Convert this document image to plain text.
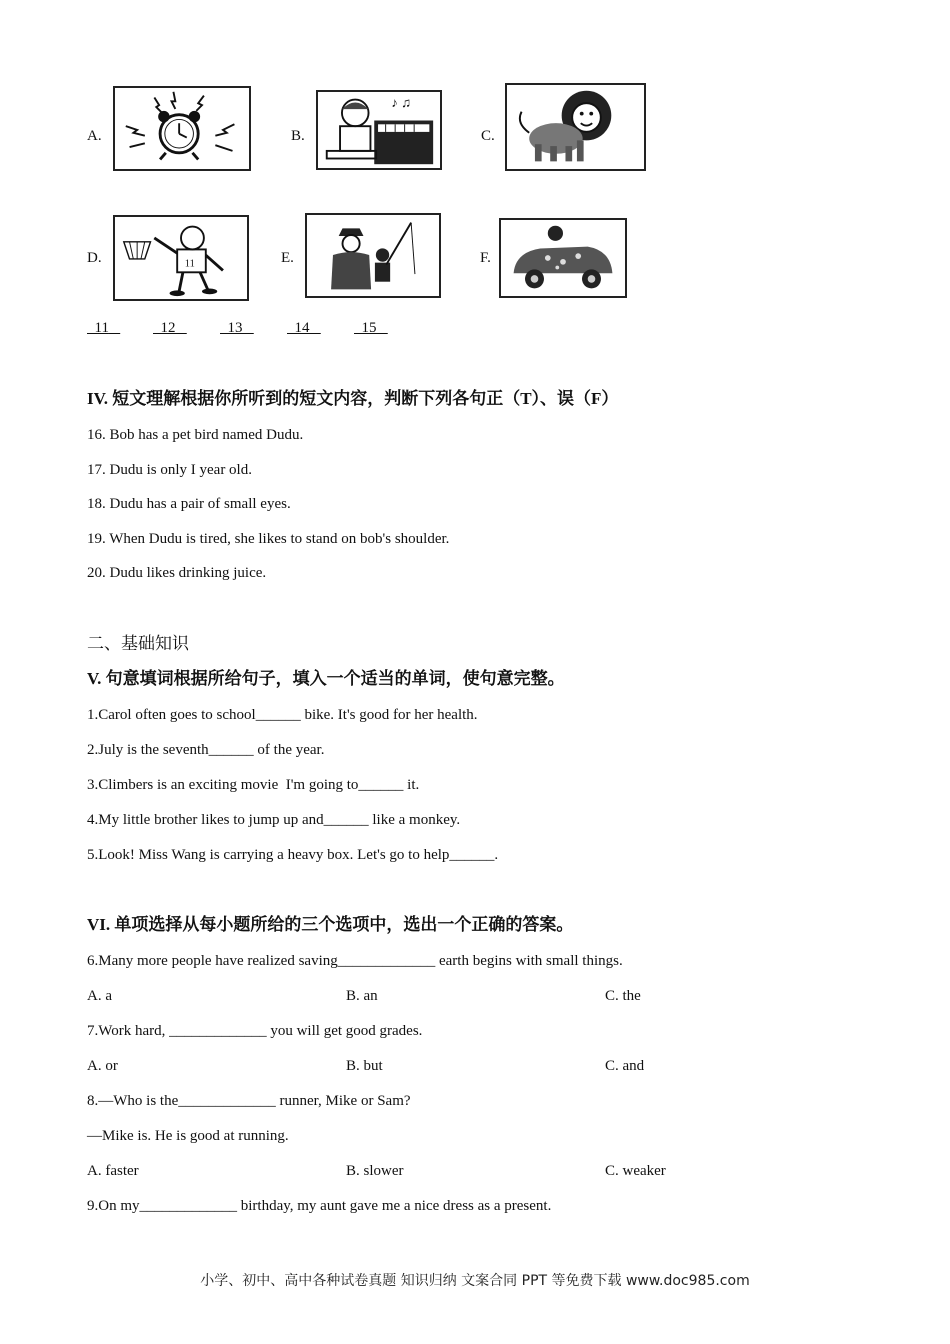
A.	B.
♪ ♫
C.
D.	11	E.	F.
11	12	13	14	15
IV. 短文理解根据你所听到的短文内容，判断下列各句正（T）、误（F）
16. Bob has a pet bird named Dudu.
17. Dudu is only I year old.
18. Dudu has a pair of small eyes.
19. When Dudu is tired, she likes to stand on bob's shoulder.
20. Dudu likes drinking juice.
二、基础知识
V. 句意填词根据所给句子，填入一个适当的单词，使句意完整。
1.Carol often goes to school______ bike. It's good for her health.
2.July is the seventh______ of the year.
3.Climbers is an exciting movie  I'm going to______ it.
4.My little brother likes to jump up and______ like a monkey.
5.Look! Miss Wang is carrying a heavy box. Let's go to help______.
VI. 单项选择从每小题所给的三个选项中，选出一个正确的答案。
6.Many more people have realized saving_____________ earth begins with small things.
A. a	B. an	C. the
7.Work hard, _____________ you will get good grades.
A. or	B. but	C. and
8.—Who is the_____________ runner, Mike or Sam?
—Mike is. He is good at running.
A. faster	B. slower	C. weaker
9.On my_____________ birthday, my aunt gave me a nice dress as a present.
小学、初中、高中各种试卷真题 知识归纳 文案合同 PPT 等免费下载 www.doc985.com
